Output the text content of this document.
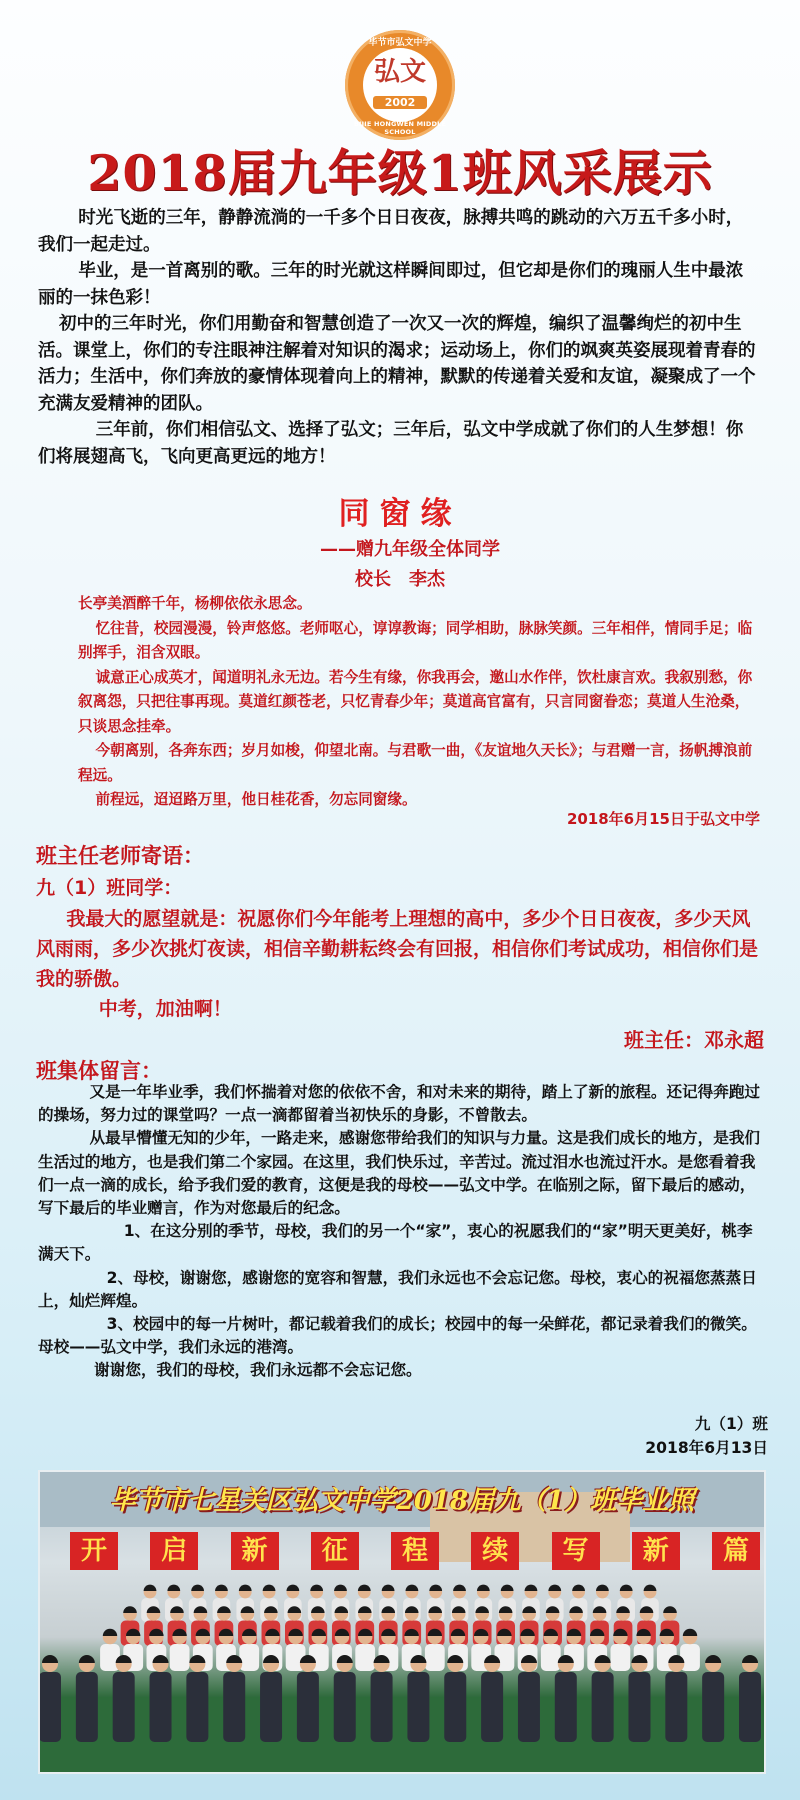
毕节市弘文中学
弘文
2002
BIJIE HONGWEN MIDDLE SCHOOL
2018届九年级1班风采展示

时光飞逝的三年，静静流淌的一千多个日日夜夜，脉搏共鸣的跳动的六万五千多小时，我们一起走过。

毕业，是一首离别的歌。三年的时光就这样瞬间即过，但它却是你们的瑰丽人生中最浓丽的一抹色彩！

初中的三年时光，你们用勤奋和智慧创造了一次又一次的辉煌，编织了温馨绚烂的初中生活。课堂上，你们的专注眼神注解着对知识的渴求；运动场上，你们的飒爽英姿展现着青春的活力；生活中，你们奔放的豪情体现着向上的精神，默默的传递着关爱和友谊，凝聚成了一个充满友爱精神的团队。

三年前，你们相信弘文、选择了弘文；三年后，弘文中学成就了你们的人生梦想！你们将展翅高飞，飞向更高更远的地方！

同窗缘
——赠九年级全体同学
校长　李杰

长亭美酒醉千年，杨柳依依永思念。

忆往昔，校园漫漫，铃声悠悠。老师呕心，谆谆教诲；同学相助，脉脉笑颜。三年相伴，情同手足；临别挥手，泪含双眼。

诚意正心成英才，闻道明礼永无边。若今生有缘，你我再会，邀山水作伴，饮杜康言欢。我叙别愁，你叙离怨，只把往事再现。莫道红颜苍老，只忆青春少年；莫道高官富有，只言同窗眷恋；莫道人生沧桑，只谈思念挂牵。

今朝离别，各奔东西；岁月如梭，仰望北南。与君歌一曲，《友谊地久天长》；与君赠一言，扬帆搏浪前程远。

前程远，迢迢路万里，他日桂花香，勿忘同窗缘。

2018年6月15日于弘文中学
班主任老师寄语：
九（1）班同学：

我最大的愿望就是：祝愿你们今年能考上理想的高中，多少个日日夜夜，多少天风风雨雨，多少次挑灯夜读，相信辛勤耕耘终会有回报，相信你们考试成功，相信你们是我的骄傲。

中考，加油啊！

班主任：邓永超
班集体留言：

又是一年毕业季，我们怀揣着对您的依依不舍，和对未来的期待，踏上了新的旅程。还记得奔跑过的操场，努力过的课堂吗？一点一滴都留着当初快乐的身影，不曾散去。

从最早懵懂无知的少年，一路走来，感谢您带给我们的知识与力量。这是我们成长的地方，是我们生活过的地方，也是我们第二个家园。在这里，我们快乐过，辛苦过。流过泪水也流过汗水。是您看着我们一点一滴的成长，给予我们爱的教育，这便是我的母校——弘文中学。在临别之际，留下最后的感动，写下最后的毕业赠言，作为对您最后的纪念。

1、在这分别的季节，母校，我们的另一个“家”，衷心的祝愿我们的“家”明天更美好，桃李满天下。

2、母校，谢谢您，感谢您的宽容和智慧，我们永远也不会忘记您。母校，衷心的祝福您蒸蒸日上，灿烂辉煌。

3、校园中的每一片树叶，都记载着我们的成长；校园中的每一朵鲜花，都记录着我们的微笑。母校——弘文中学，我们永远的港湾。

谢谢您，我们的母校，我们永远都不会忘记您。

九（1）班
2018年6月13日
毕节市七星关区弘文中学2018届九（1）班毕业照
开	启	新	征	程	续	写	新	篇
